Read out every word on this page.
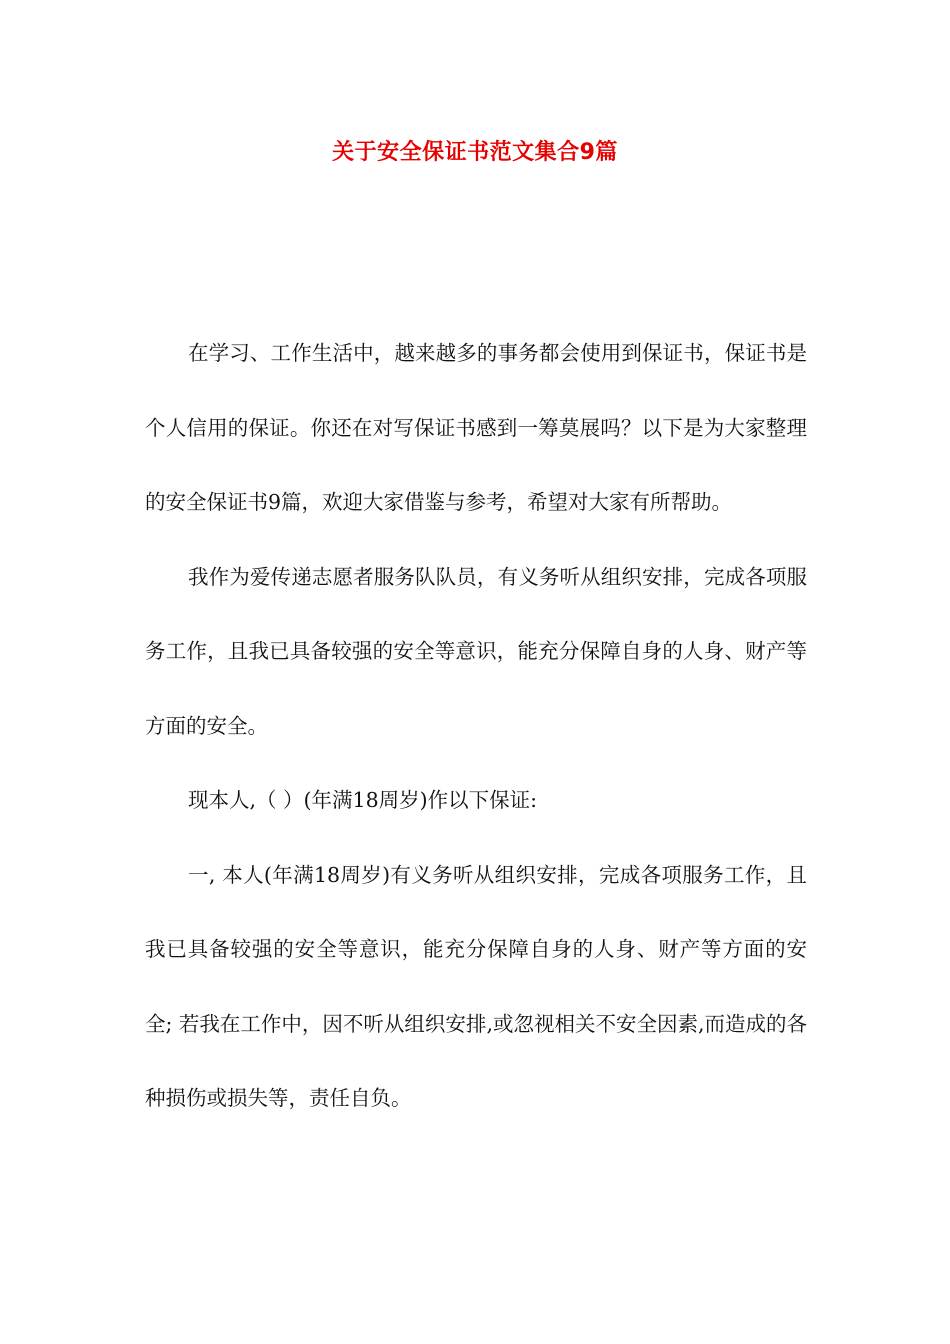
关于安全保证书范文集合9篇

在学习、工作生活中，越来越多的事务都会使用到保证书，保证书是个人信用的保证。你还在对写保证书感到一筹莫展吗？以下是为大家整理的安全保证书9篇，欢迎大家借鉴与参考，希望对大家有所帮助。

我作为爱传递志愿者服务队队员，有义务听从组织安排，完成各项服务工作，且我已具备较强的安全等意识，能充分保障自身的人身、财产等方面的安全。

现本人,（ ）(年满18周岁)作以下保证:

一, 本人(年满18周岁)有义务听从组织安排，完成各项服务工作，且我已具备较强的安全等意识，能充分保障自身的人身、财产等方面的安全; 若我在工作中，因不听从组织安排,或忽视相关不安全因素,而造成的各种损伤或损失等，责任自负。
